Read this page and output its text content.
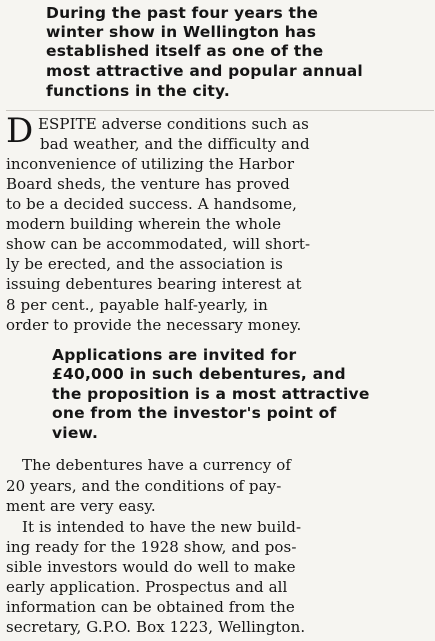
During the past four years the

winter show in Wellington has

established itself as one of the

most attractive and popular annual

functions in the city.

D ESPITE adverse conditions such as

bad weather, and the difficulty and

inconvenience of utilizing the Harbor

Board sheds, the venture has proved

to be a decided success. A handsome,

modern building wherein the whole

show can be accommodated, will short-

ly be erected, and the association is

issuing debentures bearing interest at

8 per cent., payable half-yearly, in

order to provide the necessary money.

Applications are invited for

£40,000 in such debentures, and

the proposition is a most attractive

one from the investor's point of

view.

The debentures have a currency of

20 years, and the conditions of pay-

ment are very easy.

It is intended to have the new build-

ing ready for the 1928 show, and pos-

sible investors would do well to make

early application. Prospectus and all

information can be obtained from the

secretary, G.P.O. Box 1223, Wellington.
